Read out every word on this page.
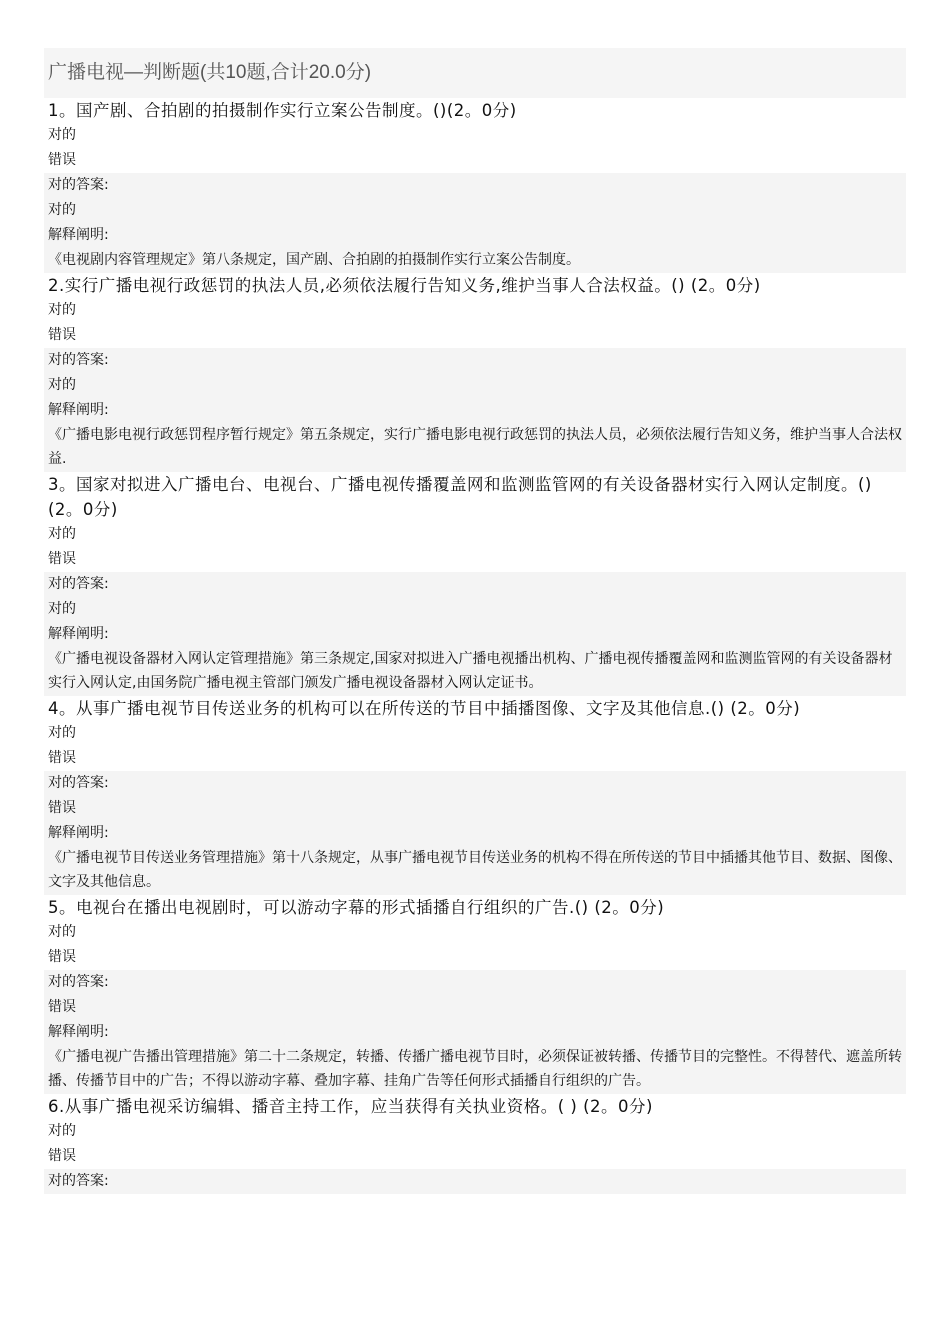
广播电视—判断题(共10题,合计20.0分)
1。国产剧、合拍剧的拍摄制作实行立案公告制度。()(2。0分)
对的
错误
对的答案:
对的
解释阐明:
《电视剧内容管理规定》第八条规定，国产剧、合拍剧的拍摄制作实行立案公告制度。
2.实行广播电视行政惩罚的执法人员,必须依法履行告知义务,维护当事人合法权益。() (2。0分)
对的
错误
对的答案:
对的
解释阐明:
《广播电影电视行政惩罚程序暂行规定》第五条规定，实行广播电影电视行政惩罚的执法人员，必须依法履行告知义务，维护当事人合法权益.
3。国家对拟进入广播电台、电视台、广播电视传播覆盖网和监测监管网的有关设备器材实行入网认定制度。()(2。0分)
对的
错误
对的答案:
对的
解释阐明:
《广播电视设备器材入网认定管理措施》第三条规定,国家对拟进入广播电视播出机构、广播电视传播覆盖网和监测监管网的有关设备器材实行入网认定,由国务院广播电视主管部门颁发广播电视设备器材入网认定证书。
4。从事广播电视节目传送业务的机构可以在所传送的节目中插播图像、文字及其他信息.() (2。0分)
对的
错误
对的答案:
错误
解释阐明:
《广播电视节目传送业务管理措施》第十八条规定，从事广播电视节目传送业务的机构不得在所传送的节目中插播其他节目、数据、图像、文字及其他信息。
5。电视台在播出电视剧时，可以游动字幕的形式插播自行组织的广告.() (2。0分)
对的
错误
对的答案:
错误
解释阐明:
《广播电视广告播出管理措施》第二十二条规定，转播、传播广播电视节目时，必须保证被转播、传播节目的完整性。不得替代、遮盖所转播、传播节目中的广告；不得以游动字幕、叠加字幕、挂角广告等任何形式插播自行组织的广告。
6.从事广播电视采访编辑、播音主持工作，应当获得有关执业资格。( ) (2。0分)
对的
错误
对的答案:
